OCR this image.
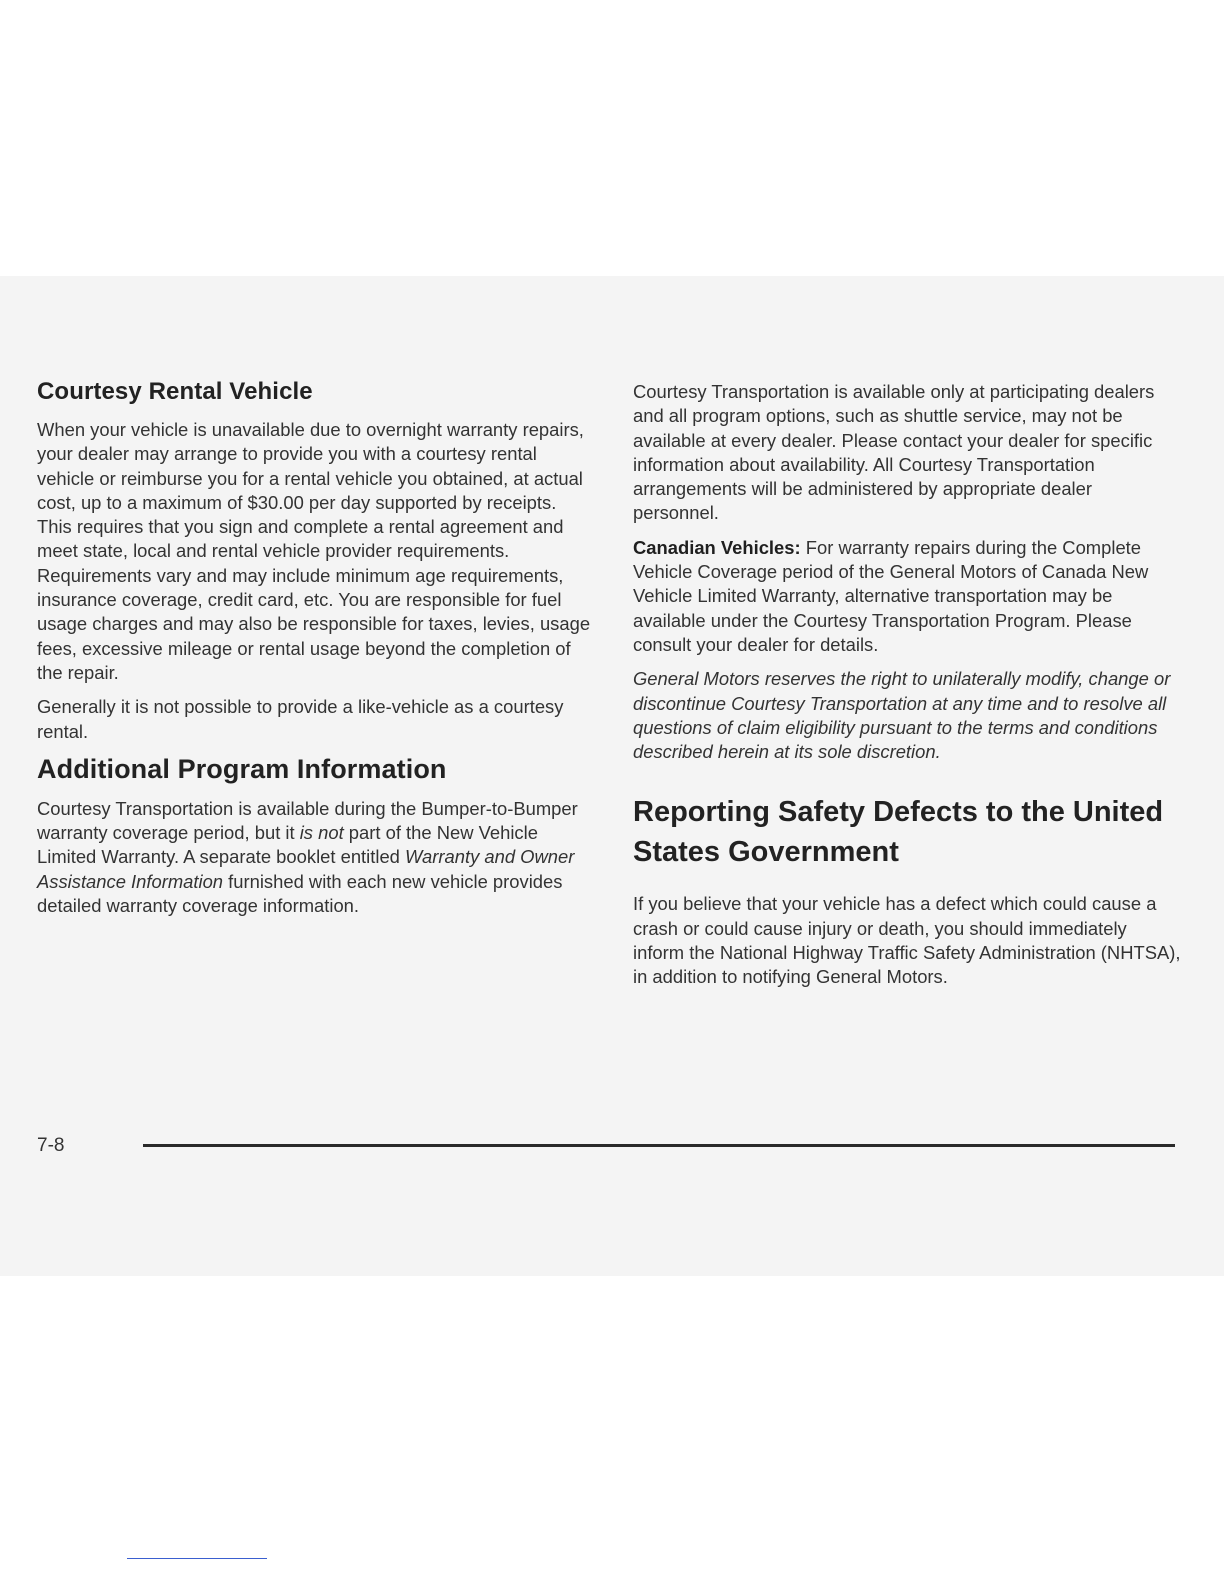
Courtesy Rental Vehicle

When your vehicle is unavailable due to overnight warranty repairs, your dealer may arrange to provide you with a courtesy rental vehicle or reimburse you for a rental vehicle you obtained, at actual cost, up to a maximum of $30.00 per day supported by receipts. This requires that you sign and complete a rental agreement and meet state, local and rental vehicle provider requirements. Requirements vary and may include minimum age requirements, insurance coverage, credit card, etc. You are responsible for fuel usage charges and may also be responsible for taxes, levies, usage fees, excessive mileage or rental usage beyond the completion of the repair.

Generally it is not possible to provide a like-vehicle as a courtesy rental.

Additional Program Information

Courtesy Transportation is available during the Bumper-to-Bumper warranty coverage period, but it is not part of the New Vehicle Limited Warranty. A separate booklet entitled Warranty and Owner Assistance Information furnished with each new vehicle provides detailed warranty coverage information.

Courtesy Transportation is available only at participating dealers and all program options, such as shuttle service, may not be available at every dealer. Please contact your dealer for specific information about availability. All Courtesy Transportation arrangements will be administered by appropriate dealer personnel.

Canadian Vehicles: For warranty repairs during the Complete Vehicle Coverage period of the General Motors of Canada New Vehicle Limited Warranty, alternative transportation may be available under the Courtesy Transportation Program. Please consult your dealer for details.

General Motors reserves the right to unilaterally modify, change or discontinue Courtesy Transportation at any time and to resolve all questions of claim eligibility pursuant to the terms and conditions described herein at its sole discretion.

Reporting Safety Defects to the United States Government

If you believe that your vehicle has a defect which could cause a crash or could cause injury or death, you should immediately inform the National Highway Traffic Safety Administration (NHTSA), in addition to notifying General Motors.

7-8
